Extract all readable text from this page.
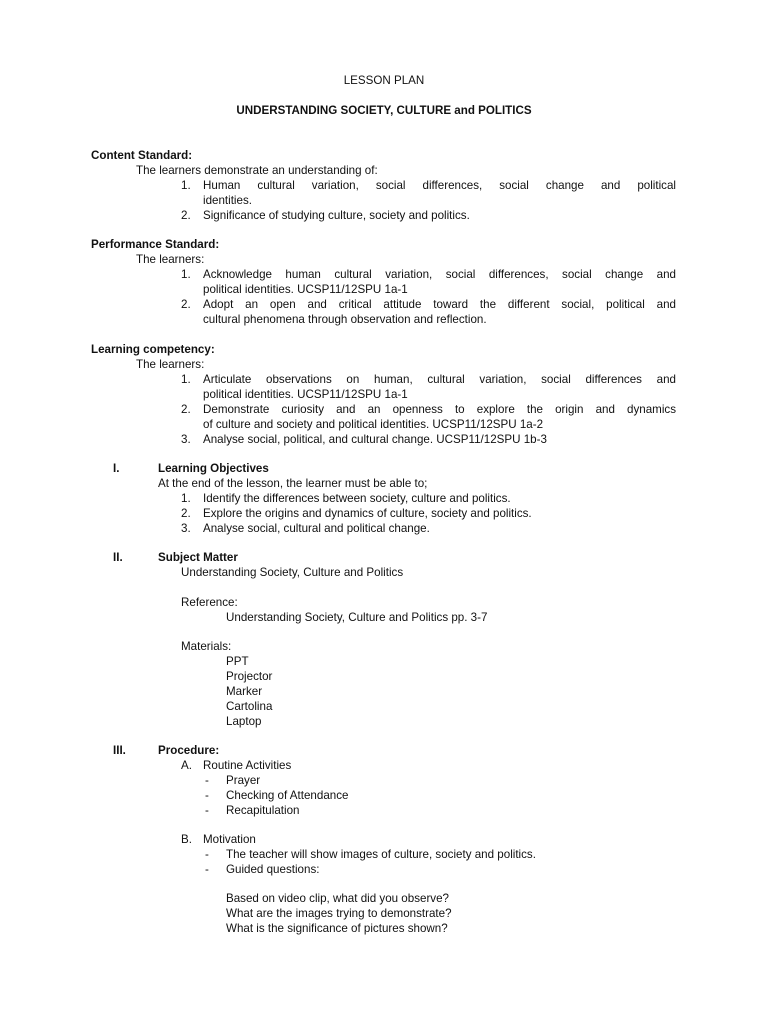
LESSON PLAN
UNDERSTANDING SOCIETY, CULTURE and POLITICS
Content Standard:
The learners demonstrate an understanding of:
1. Human cultural variation, social differences, social change and political
identities.
2. Significance of studying culture, society and politics.
Performance Standard:
The learners:
1. Acknowledge human cultural variation, social differences, social change and
political identities. UCSP11/12SPU 1a-1
2. Adopt an open and critical attitude toward the different social, political and
cultural phenomena through observation and reflection.
Learning competency:
The learners:
1. Articulate observations on human, cultural variation, social differences and
political identities. UCSP11/12SPU 1a-1
2. Demonstrate curiosity and an openness to explore the origin and dynamics
of culture and society and political identities. UCSP11/12SPU 1a-2
3. Analyse social, political, and cultural change. UCSP11/12SPU 1b-3
I.	Learning Objectives
At the end of the lesson, the learner must be able to;
1. Identify the differences between society, culture and politics.
2. Explore the origins and dynamics of culture, society and politics.
3. Analyse social, cultural and political change.
II.	Subject Matter
Understanding Society, Culture and Politics
Reference:
Understanding Society, Culture and Politics pp. 3-7
Materials:
PPT
Projector
Marker
Cartolina
Laptop
III.	Procedure:
A. Routine Activities
- Prayer
- Checking of Attendance
- Recapitulation
B. Motivation
- The teacher will show images of culture, society and politics.
- Guided questions:
Based on video clip, what did you observe?
What are the images trying to demonstrate?
What is the significance of pictures shown?
